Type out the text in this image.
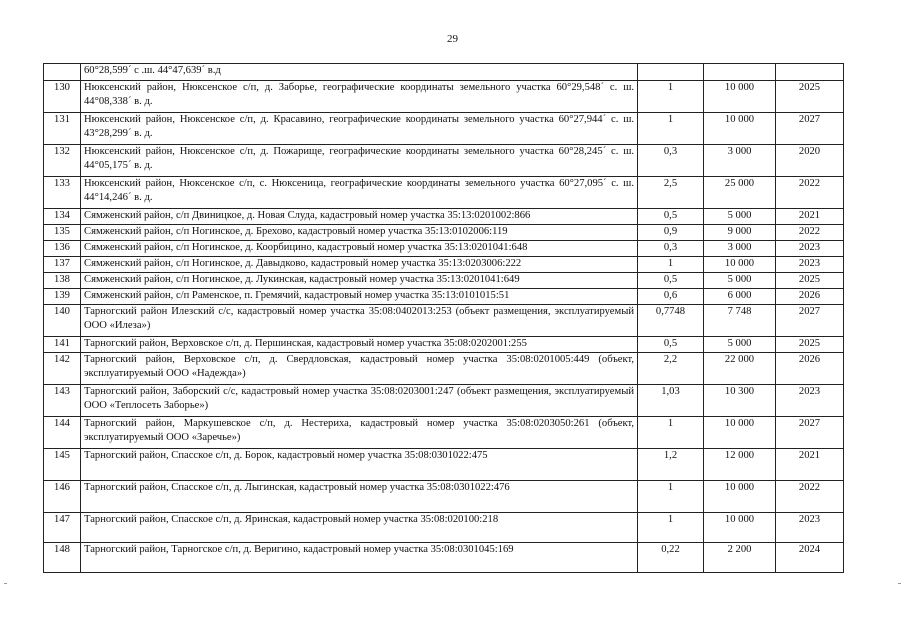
29
	60°28,599´ с .ш. 44°47,639´ в.д			
130	Нюксенский район, Нюксенское с/п, д. Заборье, географические координаты земельного участка 60°29,548´ с. ш. 44°08,338´ в. д.	1	10 000	2025
131	Нюксенский район, Нюксенское с/п, д. Красавино, географические координаты земельного участка 60°27,944´ с. ш. 43°28,299´ в. д.	1	10 000	2027
132	Нюксенский район, Нюксенское с/п, д. Пожарище, географические координаты земельного участка 60°28,245´ с. ш. 44°05,175´ в. д.	0,3	3 000	2020
133	Нюксенский район, Нюксенское с/п, с. Нюксеница, географические координаты земельного участка 60°27,095´ с. ш. 44°14,246´ в. д.	2,5	25 000	2022
134	Сямженский район, с/п Двиницкое, д. Новая Слуда, кадастровый номер участка 35:13:0201002:866	0,5	5 000	2021
135	Сямженский район, с/п Ногинское, д. Брехово, кадастровый номер участка 35:13:0102006:119	0,9	9 000	2022
136	Сямженский район, с/п Ногинское, д. Коорбицино, кадастровый номер участка 35:13:0201041:648	0,3	3 000	2023
137	Сямженский район, с/п Ногинское, д. Давыдково, кадастровый номер участка 35:13:0203006:222	1	10 000	2023
138	Сямженский район, с/п Ногинское, д. Лукинская, кадастровый номер участка 35:13:0201041:649	0,5	5 000	2025
139	Сямженский район, с/п Раменское, п. Гремячий, кадастровый номер участка 35:13:0101015:51	0,6	6 000	2026
140	Тарногский район Илезский с/с, кадастровый номер участка 35:08:0402013:253 (объект размещения, эксплуатируемый ООО «Илеза»)	0,7748	7 748	2027
141	Тарногский район, Верховское с/п, д. Першинская, кадастровый номер участка 35:08:0202001:255	0,5	5 000	2025
142	Тарногский район, Верховское с/п, д. Свердловская, кадастровый номер участка 35:08:0201005:449 (объект, эксплуатируемый ООО «Надежда»)	2,2	22 000	2026
143	Тарногский район, Заборский с/с, кадастровый номер участка 35:08:0203001:247 (объект размещения, эксплуатируемый ООО «Теплосеть Заборье»)	1,03	10 300	2023
144	Тарногский район, Маркушевское с/п, д. Нестериха, кадастровый номер участка 35:08:0203050:261 (объект, эксплуатируемый ООО «Заречье»)	1	10 000	2027
145	Тарногский район, Спасское с/п, д. Борок, кадастровый номер участка 35:08:0301022:475	1,2	12 000	2021
146	Тарногский район, Спасское с/п, д. Лыгинская, кадастровый номер участка 35:08:0301022:476	1	10 000	2022
147	Тарногский район, Спасское с/п, д. Яринская, кадастровый номер участка 35:08:020100:218	1	10 000	2023
148	Тарногский район, Тарногское с/п, д. Веригино, кадастровый номер участка 35:08:0301045:169	0,22	2 200	2024
